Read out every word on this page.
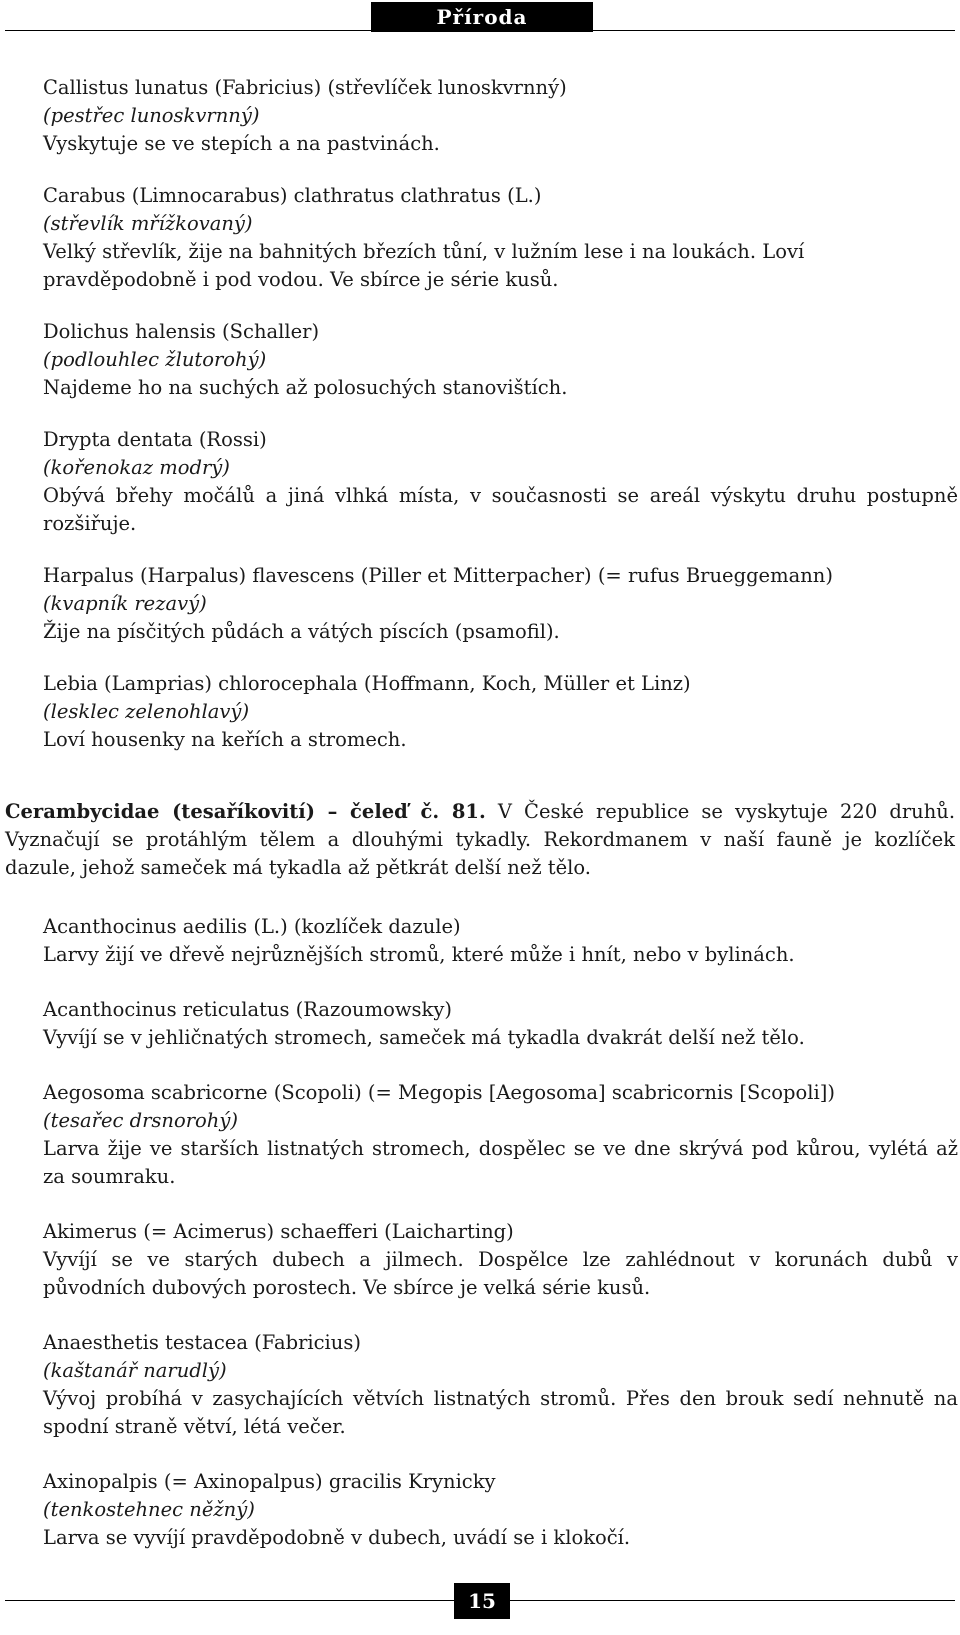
Příroda

Callistus lunatus (Fabricius) (střevlíček lunoskvrnný)

(pestřec lunoskvrnný)

Vyskytuje se ve stepích a na pastvinách.

Carabus (Limnocarabus) clathratus clathratus (L.)

(střevlík mřížkovaný)

Velký střevlík, žije na bahnitých březích tůní, v lužním lese i na loukách. Loví pravděpodobně i pod vodou. Ve sbírce je série kusů.

Dolichus halensis (Schaller)

(podlouhlec žlutorohý)

Najdeme ho na suchých až polosuchých stanovištích.

Drypta dentata (Rossi)

(kořenokaz modrý)

Obývá břehy močálů a jiná vlhká místa, v současnosti se areál výskytu druhu postupně rozšiřuje.

Harpalus (Harpalus) flavescens (Piller et Mitterpacher) (= rufus Brueggemann)

(kvapník rezavý)

Žije na písčitých půdách a vátých píscích (psamofil).

Lebia (Lamprias) chlorocephala (Hoffmann, Koch, Müller et Linz)

(lesklec zelenohlavý)

Loví housenky na keřích a stromech.

Cerambycidae (tesaříkovití) – čeleď č. 81. V České republice se vyskytuje 220 druhů. Vyznačují se protáhlým tělem a dlouhými tykadly. Rekordmanem v naší fauně je kozlíček dazule, jehož sameček má tykadla až pětkrát delší než tělo.

Acanthocinus aedilis (L.) (kozlíček dazule)

Larvy žijí ve dřevě nejrůznějších stromů, které může i hnít, nebo v bylinách.

Acanthocinus reticulatus (Razoumowsky)

Vyvíjí se v jehličnatých stromech, sameček má tykadla dvakrát delší než tělo.

Aegosoma scabricorne (Scopoli) (= Megopis [Aegosoma] scabricornis [Scopoli])

(tesařec drsnorohý)

Larva žije ve starších listnatých stromech, dospělec se ve dne skrývá pod kůrou, vylétá až za soumraku.

Akimerus (= Acimerus) schaefferi (Laicharting)

Vyvíjí se ve starých dubech a jilmech. Dospělce lze zahlédnout v korunách dubů v původních dubových porostech. Ve sbírce je velká série kusů.

Anaesthetis testacea (Fabricius)

(kaštanář narudlý)

Vývoj probíhá v zasychajících větvích listnatých stromů. Přes den brouk sedí nehnutě na spodní straně větví, létá večer.

Axinopalpis (= Axinopalpus) gracilis Krynicky

(tenkostehnec něžný)

Larva se vyvíjí pravděpodobně v dubech, uvádí se i klokočí.

15
